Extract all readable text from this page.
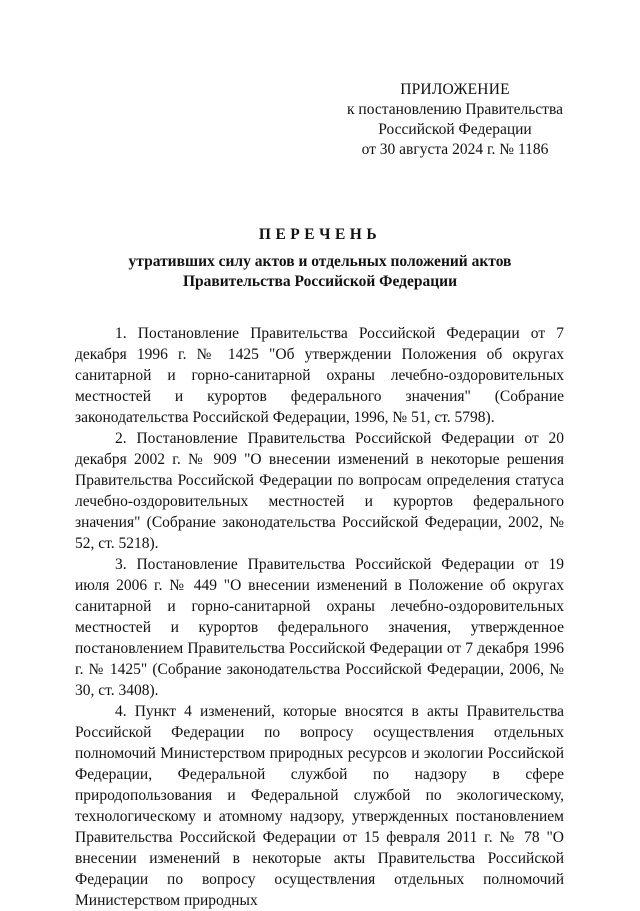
ПРИЛОЖЕНИЕ
к постановлению Правительства
Российской Федерации
от 30 августа 2024 г. № 1186
ПЕРЕЧЕНЬ
утративших силу актов и отдельных положений актов
Правительства Российской Федерации

1. Постановление Правительства Российской Федерации от 7 декабря 1996 г. № 1425 "Об утверждении Положения об округах санитарной и горно-санитарной охраны лечебно-оздоровительных местностей и курортов федерального значения" (Собрание законодательства Российской Федерации, 1996, № 51, ст. 5798).

2. Постановление Правительства Российской Федерации от 20 декабря 2002 г. № 909 "О внесении изменений в некоторые решения Правительства Российской Федерации по вопросам определения статуса лечебно-оздоровительных местностей и курортов федерального значения" (Собрание законодательства Российской Федерации, 2002, № 52, ст. 5218).

3. Постановление Правительства Российской Федерации от 19 июля 2006 г. № 449 "О внесении изменений в Положение об округах санитарной и горно-санитарной охраны лечебно-оздоровительных местностей и курортов федерального значения, утвержденное постановлением Правительства Российской Федерации от 7 декабря 1996 г. № 1425" (Собрание законодательства Российской Федерации, 2006, № 30, ст. 3408).

4. Пункт 4 изменений, которые вносятся в акты Правительства Российской Федерации по вопросу осуществления отдельных полномочий Министерством природных ресурсов и экологии Российской Федерации, Федеральной службой по надзору в сфере природопользования и Федеральной службой по экологическому, технологическому и атомному надзору, утвержденных постановлением Правительства Российской Федерации от 15 февраля 2011 г. № 78 "О внесении изменений в некоторые акты Правительства Российской Федерации по вопросу осуществления отдельных полномочий Министерством природных
